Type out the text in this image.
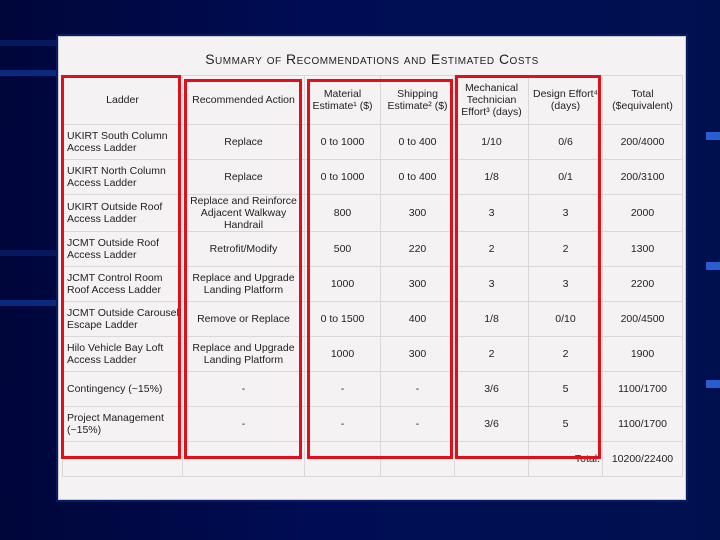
Summary of Recommendations and Estimated Costs
Ladder	Recommended Action	Material Estimate¹ ($)	Shipping Estimate² ($)	Mechanical Technician Effort³ (days)	Design Effort⁴ (days)	Total ($equivalent)
UKIRT South Column Access Ladder	Replace	0 to 1000	0 to 400	1/10	0/6	200/4000
UKIRT North Column Access Ladder	Replace	0 to 1000	0 to 400	1/8	0/1	200/3100
UKIRT Outside Roof Access Ladder	Replace and Reinforce Adjacent Walkway Handrail	800	300	3	3	2000
JCMT Outside Roof Access Ladder	Retrofit/Modify	500	220	2	2	1300
JCMT Control Room Roof Access Ladder	Replace and Upgrade Landing Platform	1000	300	3	3	2200
JCMT Outside Carousel Escape Ladder	Remove or Replace	0 to 1500	400	1/8	0/10	200/4500
Hilo Vehicle Bay Loft Access Ladder	Replace and Upgrade Landing Platform	1000	300	2	2	1900
Contingency (~15%)	-	-	-	3/6	5	1100/1700
Project Management (~15%)	-	-	-	3/6	5	1100/1700
					Total:	10200/22400
